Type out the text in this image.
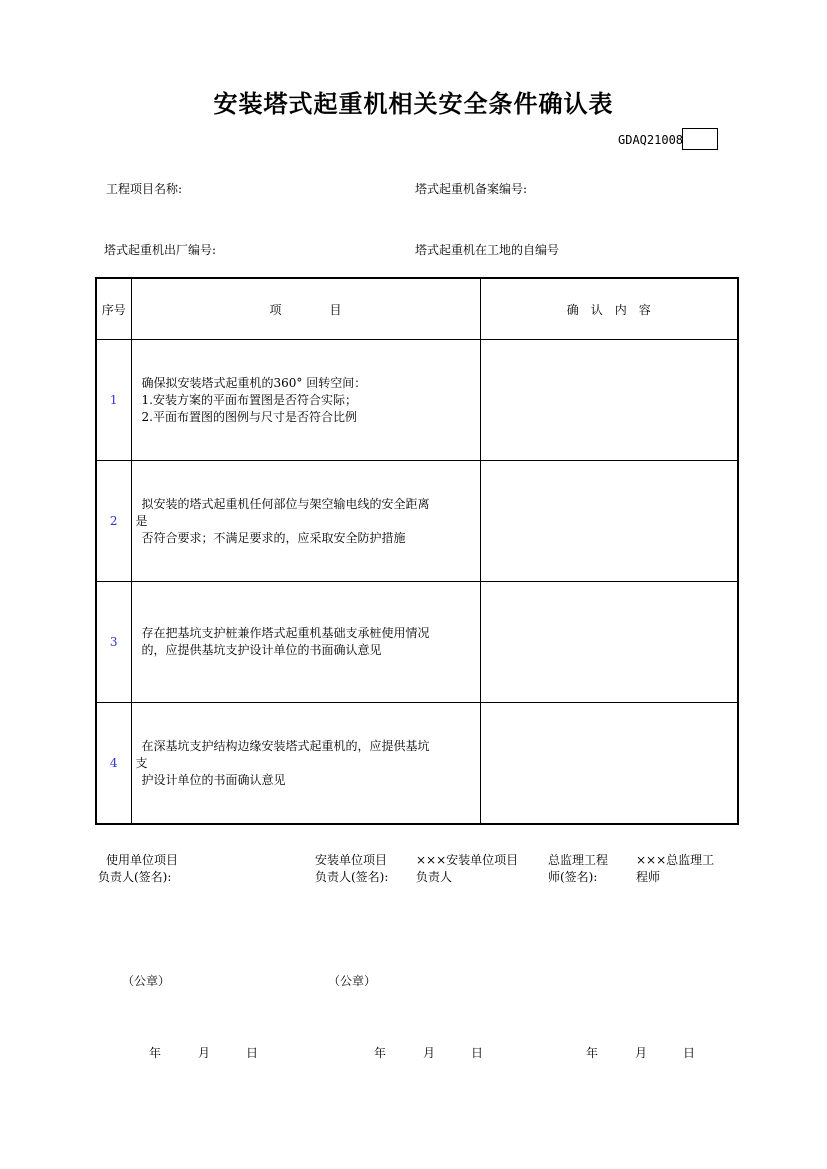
安装塔式起重机相关安全条件确认表
GDAQ21008
工程项目名称:	塔式起重机备案编号:
塔式起重机出厂编号:	塔式起重机在工地的自编号
序号	项　　　　目	确　认　内　容
1	确保拟安装塔式起重机的360° 回转空间：
1.安装方案的平面布置图是否符合实际；
2.平面布置图的图例与尺寸是否符合比例	

2	拟安装的塔式起重机任何部位与架空输电线的安全距离
是
否符合要求；不满足要求的，应采取安全防护措施	

3	存在把基坑支护桩兼作塔式起重机基础支承桩使用情况
的，应提供基坑支护设计单位的书面确认意见	

4	在深基坑支护结构边缘安装塔式起重机的，应提供基坑
支
护设计单位的书面确认意见	

使用单位项目
负责人(签名):
安装单位项目
负责人(签名):
×××安装单位项目
负责人
总监理工程
师(签名):
×××总监理工
程师
（公章）	（公章）
年	月	日	年	月	日	年	月	日
